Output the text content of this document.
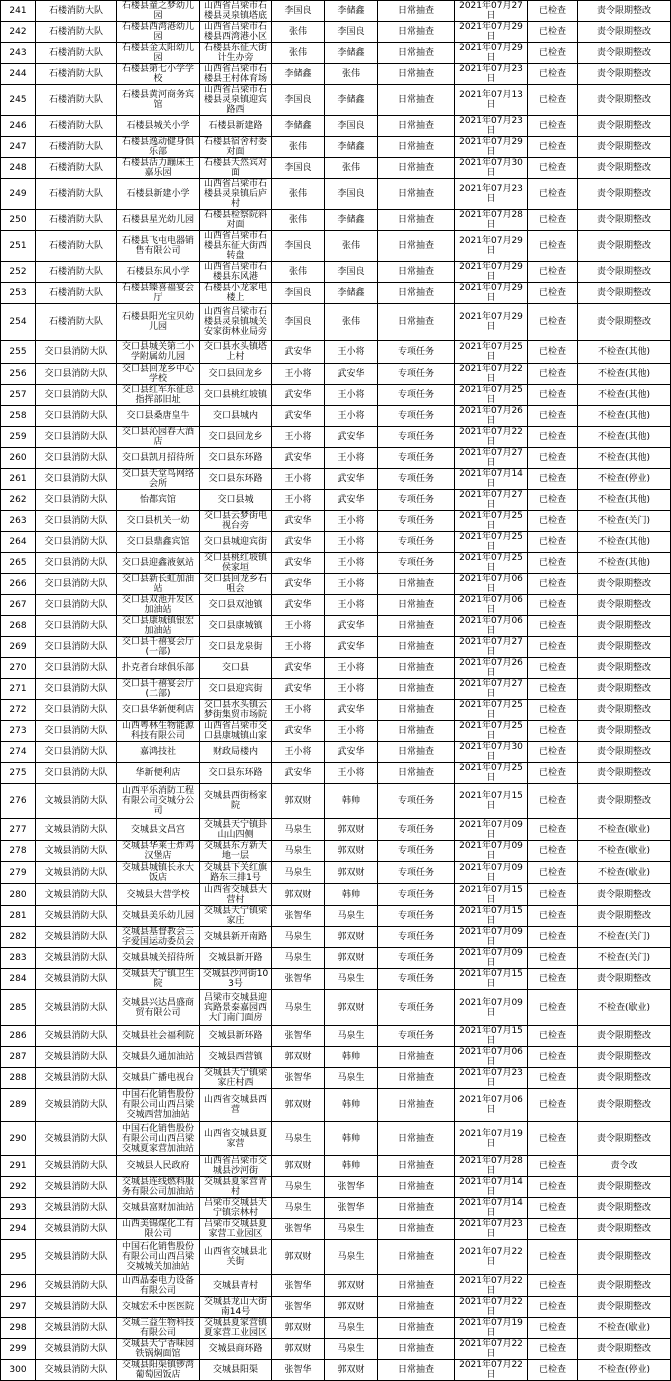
241	石楼消防大队	石楼县童之梦幼儿园	山西省吕梁市石楼县灵泉镇塔底	李国良	李储鑫	日常抽查	2021年07月27日	已检查	责令限期整改
242	石楼消防大队	石楼县西湾港幼儿园	山西省吕梁市石楼县西湾港小区	张伟	李国良	日常抽查	2021年07月29日	已检查	责令限期整改
243	石楼消防大队	石楼县金太阳幼儿园	石楼县东征大街计生办旁	张伟	李储鑫	日常抽查	2021年07月29日	已检查	责令限期整改
244	石楼消防大队	石楼县第七小学学校	山西省吕梁市石楼县王村体育场	李储鑫	张伟	日常抽查	2021年07月23日	已检查	责令限期整改
245	石楼消防大队	石楼县黄河商务宾馆	山西省吕梁市石楼县灵泉镇迎宾路西	李国良	李储鑫	日常抽查	2021年07月13日	已检查	责令限期整改
246	石楼消防大队	石楼县城关小学	石楼县新建路	李储鑫	李国良	日常抽查	2021年07月23日	已检查	责令限期整改
247	石楼消防大队	石楼县逸动健身俱乐部	石楼县宿舍村委对面	张伟	李储鑫	日常抽查	2021年07月29日	已检查	责令限期整改
248	石楼消防大队	石楼县活力蹦床王嘉乐园	石楼县天然宾对面	李国良	张伟	日常抽查	2021年07月30日	已检查	责令限期整改
249	石楼消防大队	石楼县新建小学	山西省吕梁市石楼县灵泉镇后庐村	张伟	李国良	日常抽查	2021年07月23日	已检查	责令限期整改
250	石楼消防大队	石楼县星光幼儿园	石楼县检察院斜对面	张伟	李储鑫	日常抽查	2021年07月28日	已检查	责令限期整改
251	石楼消防大队	石楼县飞屯电器销售有限公司	山西省吕梁市石楼县东征大街西转盘	李国良	张伟	日常抽查	2021年07月29日	已检查	责令限期整改
252	石楼消防大队	石楼县东风小学	山西省吕梁市石楼县东风港	张伟	李国良	日常抽查	2021年07月29日	已检查	责令限期整改
253	石楼消防大队	石楼县臻喜福宴会厅	石楼县小龙家电楼上	李国良	李储鑫	日常抽查	2021年07月29日	已检查	责令限期整改
254	石楼消防大队	石楼县阳光宝贝幼儿园	山西省吕梁市石楼县灵泉镇城关安家街林业局旁	李国良	张伟	日常抽查	2021年07月29日	已检查	责令限期整改
255	交口县消防大队	交口县城关第二小学附属幼儿园	交口县水头镇塔上村	武安华	王小将	专项任务	2021年07月25日	已检查	不检查(其他)
256	交口县消防大队	交口县回龙乡中心学校	交口县回龙乡	王小将	武安华	专项任务	2021年07月22日	已检查	不检查(其他)
257	交口县消防大队	交口县红军东征总指挥部旧址	交口县桃红坡镇	武安华	王小将	专项任务	2021年07月25日	已检查	不检查(其他)
258	交口县消防大队	交口县桑唐皇牛	交口县城内	武安华	王小将	专项任务	2021年07月26日	已检查	不检查(其他)
259	交口县消防大队	交口县沁园春大酒店	交口县回龙乡	王小将	武安华	专项任务	2021年07月22日	已检查	不检查(其他)
260	交口县消防大队	交口县凯月招待所	交口县东环路	武安华	王小将	专项任务	2021年07月27日	已检查	不检查(其他)
261	交口县消防大队	交口县天堂鸟网络会所	交口县东环路	王小将	武安华	专项任务	2021年07月14日	已检查	不检查(停业)
262	交口县消防大队	怡都宾馆	交口县城	王小将	武安华	专项任务	2021年07月27日	已检查	不检查(其他)
263	交口县消防大队	交口县机关一幼	交口县云梦街电视台旁	武安华	王小将	专项任务	2021年07月25日	已检查	不检查(关门)
264	交口县消防大队	交口县鼎鑫宾馆	交口县城迎宾街	武安华	王小将	专项任务	2021年07月25日	已检查	不检查(其他)
265	交口县消防大队	交口县迎鑫液氨站	交口县桃红坡镇侯家垣	武安华	王小将	专项任务	2021年07月25日	已检查	不检查(其他)
266	交口县消防大队	交口县新长虹加油站	交口县回龙乡石咀会	武安华	王小将	日常抽查	2021年07月06日	已检查	责令限期整改
267	交口县消防大队	交口县双池开发区加油站	交口县双池镇	武安华	王小将	日常抽查	2021年07月06日	已检查	责令限期整改
268	交口县消防大队	交口县康城镇银宏加油站	交口县康城镇	王小将	武安华	日常抽查	2021年07月06日	已检查	责令限期整改
269	交口县消防大队	交口县千禧宴会厅(一部)	交口县龙泉街	王小将	武安华	日常抽查	2021年07月27日	已检查	责令限期整改
270	交口县消防大队	扑克者台球俱乐部	交口县	武安华	王小将	日常抽查	2021年07月26日	已检查	责令限期整改
271	交口县消防大队	交口县千禧宴会厅(二部)	交口县迎宾街	武安华	王小将	日常抽查	2021年07月27日	已检查	责令限期整改
272	交口县消防大队	交口县华新便利店	交口县水头镇云梦街集贸市场院	王小将	武安华	日常抽查	2021年07月25日	已检查	责令限期整改
273	交口县消防大队	山西粤林生物能源科技有限公司	山西省吕梁市交口县康城镇山家	武安华	王小将	日常抽查	2021年07月25日	已检查	责令限期整改
274	交口县消防大队	嘉鸿技社	财政局楼内	王小将	武安华	日常抽查	2021年07月30日	已检查	责令限期整改
275	交口县消防大队	华新便利店	交口县东环路	武安华	王小将	日常抽查	2021年07月25日	已检查	责令限期整改
276	文城县消防大队	山西平乐消防工程有限公司交城分公司	交城县西街杨家院	郭双财	韩帅	专项任务	2021年07月15日	已检查	责令限期整改
277	文城县消防大队	交城县文昌宫	交城县天宁镇卦山山四侧	马泉生	郭双财	专项任务	2021年07月09日	已检查	不检查(歇业)
278	文城县消防大队	交城县华莱士炸鸡汉堡店	交城县东方新天地一层	马泉生	郭双财	专项任务	2021年07月09日	已检查	不检查(歇业)
279	文城县消防大队	交城县城镇长永大饭店	交城县下关红旗路东三排1号	马泉生	郭双财	专项任务	2021年07月09日	已检查	不检查(歇业)
280	文城县消防大队	交城县大营学校	山西省交城县大营村	郭双财	韩帅	专项任务	2021年07月15日	已检查	责令限期整改
281	交城县消防大队	交城县美乐幼儿园	交城县天宁镇梁家庄	张智华	马泉生	专项任务	2021年07月15日	已检查	责令限期整改
282	交城县消防大队	交城县基督教会三字爱国运动委员会	交城县新开南路	马泉生	郭双财	专项任务	2021年07月09日	已检查	不检查(关门)
283	交城县消防大队	交城县城关招待所	交城县新开路	马泉生	郭双财	专项任务	2021年07月09日	已检查	不检查(关门)
284	交城县消防大队	交城县天宁镇卫生院	交城县沙河街103号	张智华	马泉生	专项任务	2021年07月15日	已检查	责令限期整改
285	交城县消防大队	交城县兴达昌盛商贸有限公司	吕梁市交城县迎宾路景泰嘉园西大门南门面房	马泉生	郭双财	专项任务	2021年07月09日	已检查	不检查(歇业)
286	交城县消防大队	交城县社会福利院	交城县新环路	张智华	马泉生	专项任务	2021年07月15日	已检查	责令限期整改
287	交城县消防大队	交城县久通加油站	交城县西营镇	郭双财	韩帅	日常抽查	2021年07月06日	已检查	责令限期整改
288	交城县消防大队	交城县广播电视台	交城县天宁镇梁家庄村西	张智华	马泉生	日常抽查	2021年07月23日	已检查	责令限期整改
289	交城县消防大队	中国石化销售股份有限公司山西吕梁交城西营加油站	山西省交城县西营	郭双财	韩帅	日常抽查	2021年07月06日	已检查	责令限期整改
290	交城县消防大队	中国石化销售股份有限公司山西吕梁交城夏家营加油站	山西省交城县夏家营	马泉生	韩帅	日常抽查	2021年07月19日	已检查	责令限期整改
291	交城县消防大队	交城县人民政府	山西省吕梁市交城县沙河街	郭双财	韩帅	日常抽查	2021年07月28日	已检查	责令改
292	交城县消防大队	交城县连线燃料服务有限公司加油站	交城县夏家营青村	马泉生	张智华	日常抽查	2021年07月14日	已检查	责令限期整改
293	交城县消防大队	交城县富财加油站	吕梁市交城县天宁镇宗林村	马泉生	张智华	日常抽查	2021年07月14日	已检查	责令限期整改
294	交城县消防大队	山西美锦煤化工有限公司	吕梁市交城县夏家营工业园区	张智华	马泉生	日常抽查	2021年07月23日	已检查	责令限期整改
295	交城县消防大队	中国石化销售股份有限公司山西吕梁交城城关加油站	山西省交城县北关街	郭双财	马泉生	日常抽查	2021年07月22日	已检查	责令限期整改
296	交城县消防大队	山西晶泰电力设备有限公司	交城县青村	张智华	郭双财	日常抽查	2021年07月22日	已检查	责令限期整改
297	交城县消防大队	交城宏禾中医医院	交城县龙山大街南14号	张智华	郭双财	日常抽查	2021年07月22日	已检查	责令限期整改
298	交城县消防大队	交城三益生物科技有限公司	交城县夏家营镇夏家营工业园区	郭双财	马泉生	日常抽查	2021年07月19日	已检查	不检查(歇业)
299	交城县消防大队	交城县天宁香味园铁锅焖面馆	交城县商环路	郭双财	马泉生	日常抽查	2021年07月22日	已检查	责令限期整改
300	交城县消防大队	交城县阳渠镇锣湾葡萄园饭店	交城县阳渠	张智华	郭双财	日常抽查	2021年07月22日	已检查	不检查(停业)
